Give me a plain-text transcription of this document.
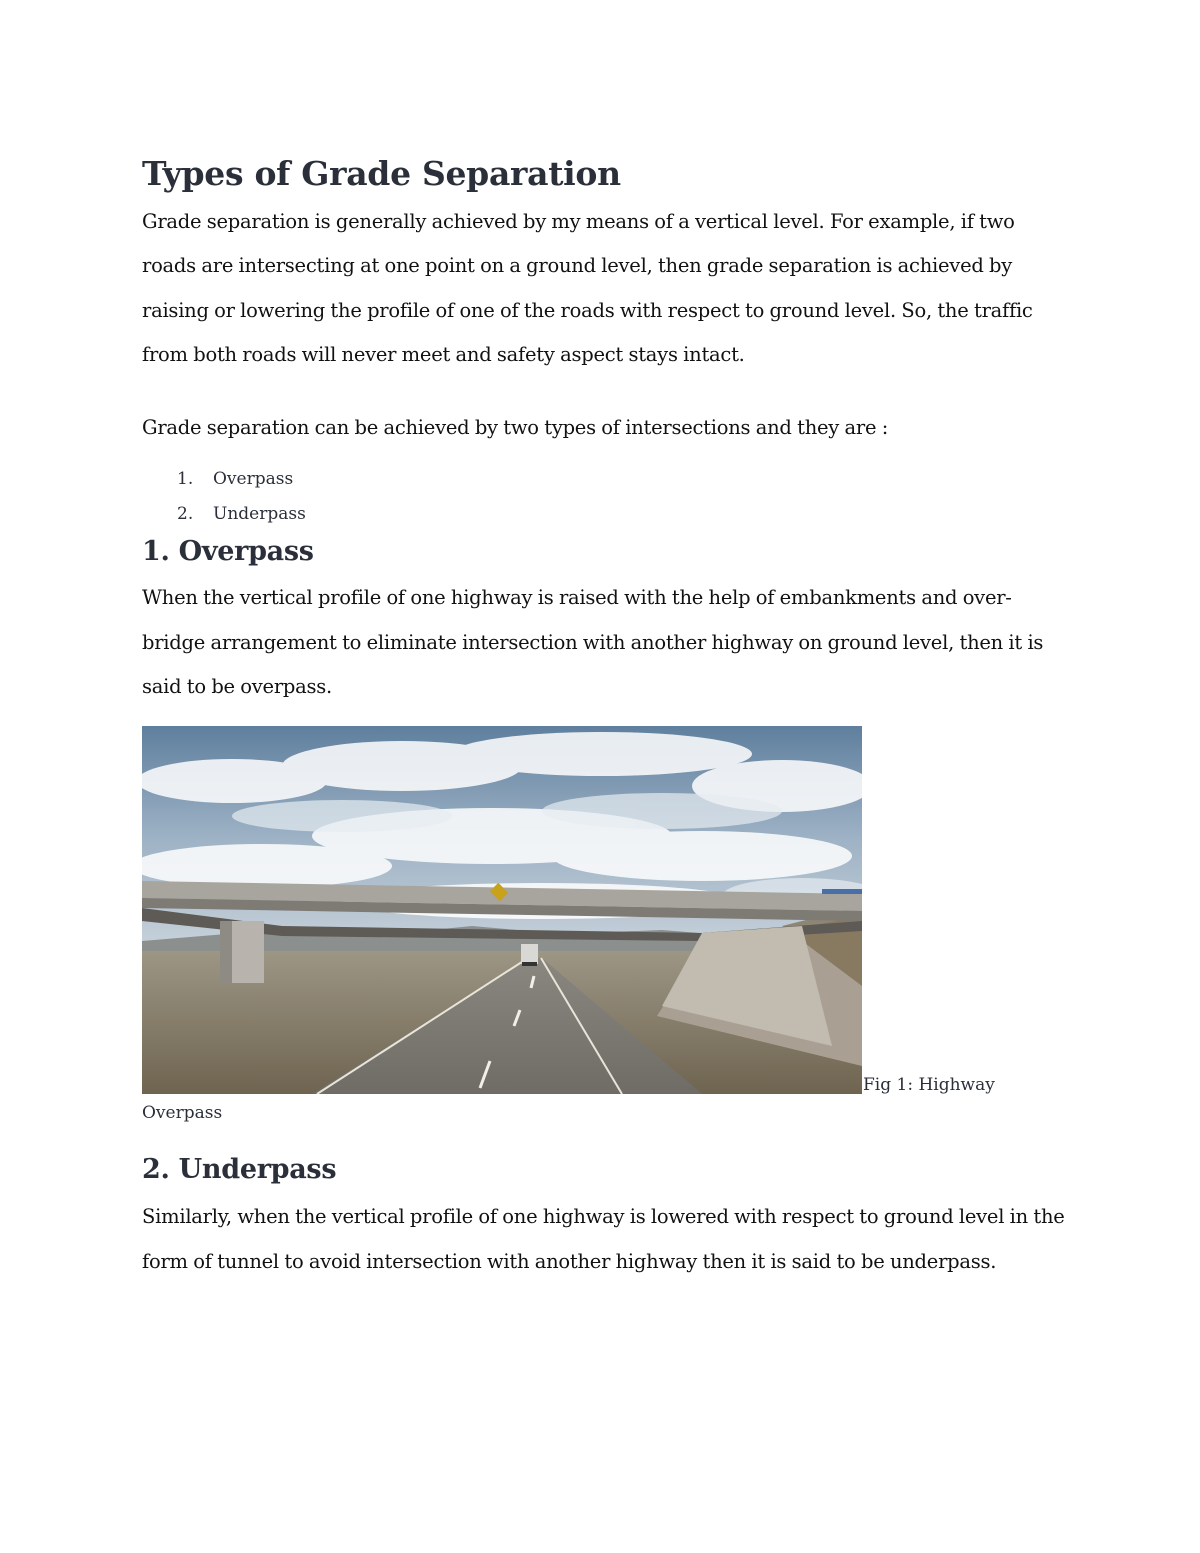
Types of Grade Separation

Grade separation is generally achieved by my means of a vertical level. For example, if two roads are intersecting at one point on a ground level, then grade separation is achieved by raising or lowering the profile of one of the roads with respect to ground level. So, the traffic from both roads will never meet and safety aspect stays intact.

Grade separation can be achieved by two types of intersections and they are :

1. Overpass
2. Underpass
1. Overpass

When the vertical profile of one highway is raised with the help of embankments and over-bridge arrangement to eliminate intersection with another highway on ground level, then it is said to be overpass.

Fig 1: Highway

Overpass

2. Underpass

Similarly, when the vertical profile of one highway is lowered with respect to ground level in the form of tunnel to avoid intersection with another highway then it is said to be underpass.
